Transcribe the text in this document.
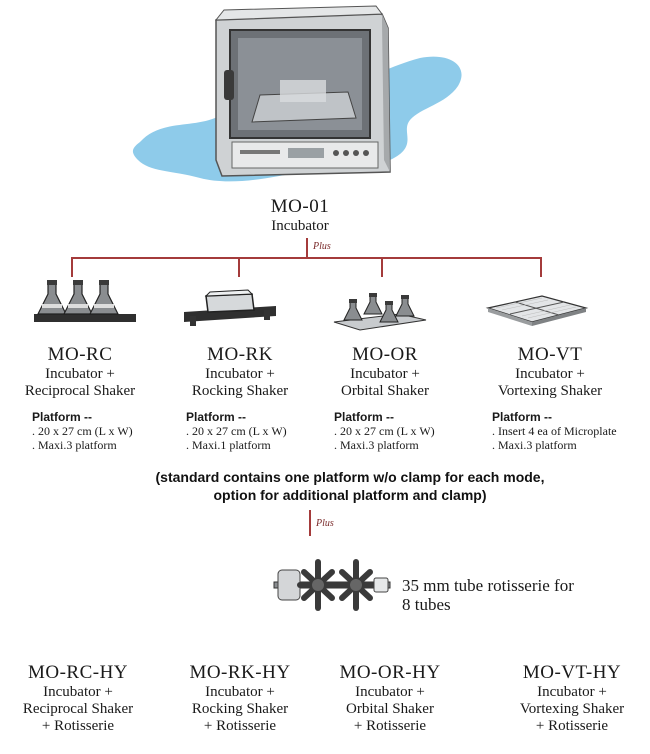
MO-01
Incubator
Plus
MO-RC
Incubator +
Reciprocal Shaker
Platform --
. 20 x 27 cm (L x W)
. Maxi.3 platform
MO-RK
Incubator +
Rocking Shaker
Platform --
. 20 x 27 cm (L x W)
. Maxi.1 platform
MO-OR
Incubator +
Orbital Shaker
Platform --
. 20 x 27 cm (L x W)
. Maxi.3 platform
MO-VT
Incubator +
Vortexing Shaker
Platform --
. Insert 4 ea of Microplate
. Maxi.3 platform
(standard contains one platform w/o clamp for each mode,
option for additional platform and clamp)
Plus
35 mm tube rotisserie for
8 tubes
MO-RC-HY
Incubator +
Reciprocal Shaker
+ Rotisserie
MO-RK-HY
Incubator +
Rocking Shaker
+ Rotisserie
MO-OR-HY
Incubator +
Orbital Shaker
+ Rotisserie
MO-VT-HY
Incubator +
Vortexing Shaker
+ Rotisserie
